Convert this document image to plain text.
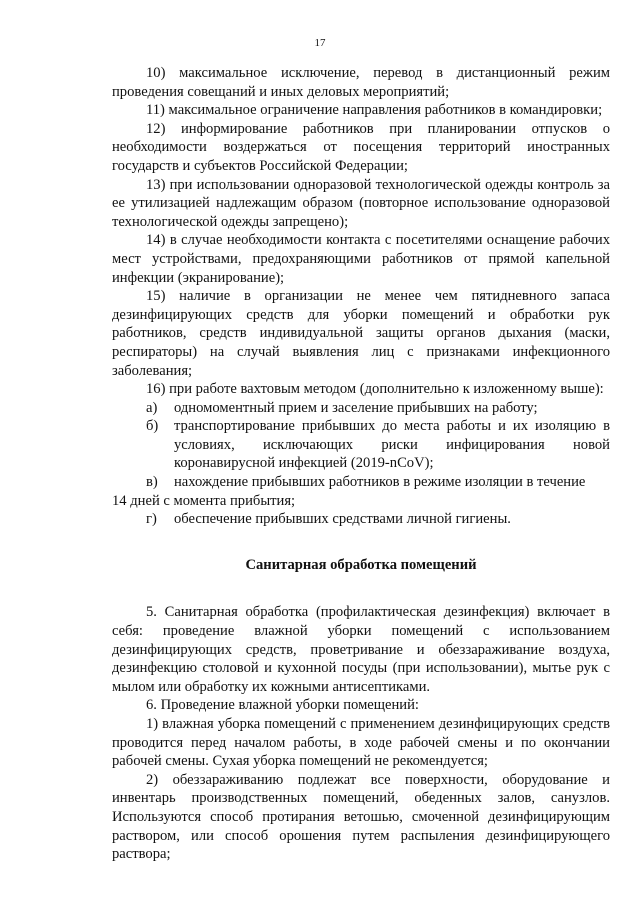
17

10) максимальное исключение, перевод в дистанционный режим проведения совещаний и иных деловых мероприятий;

11) максимальное ограничение направления работников в командировки;

12) информирование работников при планировании отпусков о необходимости воздержаться от посещения территорий иностранных государств и субъектов Российской Федерации;

13) при использовании одноразовой технологической одежды контроль за ее утилизацией надлежащим образом (повторное использование одноразовой технологической одежды запрещено);

14) в случае необходимости контакта с посетителями оснащение рабочих мест устройствами, предохраняющими работников от прямой капельной инфекции (экранирование);

15) наличие в организации не менее чем пятидневного запаса дезинфицирующих средств для уборки помещений и обработки рук работников, средств индивидуальной защиты органов дыхания (маски, респираторы) на случай выявления лиц с признаками инфекционного заболевания;

16) при работе вахтовым методом (дополнительно к изложенному выше):

а)	одномоментный прием и заселение прибывших на работу;
б)	транспортирование прибывших до места работы и их изоляцию в условиях, исключающих риски инфицирования новой коронавирусной инфекцией (2019-nCoV);
в)	нахождение прибывших работников в режиме изоляции в течение

14 дней с момента прибытия;

г)	обеспечение прибывших средствами личной гигиены.
Санитарная обработка помещений

5. Санитарная обработка (профилактическая дезинфекция) включает в себя: проведение влажной уборки помещений с использованием дезинфицирующих средств, проветривание и обеззараживание воздуха, дезинфекцию столовой и кухонной посуды (при использовании), мытье рук с мылом или обработку их кожными антисептиками.

6. Проведение влажной уборки помещений:

1) влажная уборка помещений с применением дезинфицирующих средств проводится перед началом работы, в ходе рабочей смены и по окончании рабочей смены. Сухая уборка помещений не рекомендуется;

2) обеззараживанию подлежат все поверхности, оборудование и инвентарь производственных помещений, обеденных залов, санузлов. Используются способ протирания ветошью, смоченной дезинфицирующим раствором, или способ орошения путем распыления дезинфицирующего раствора;
